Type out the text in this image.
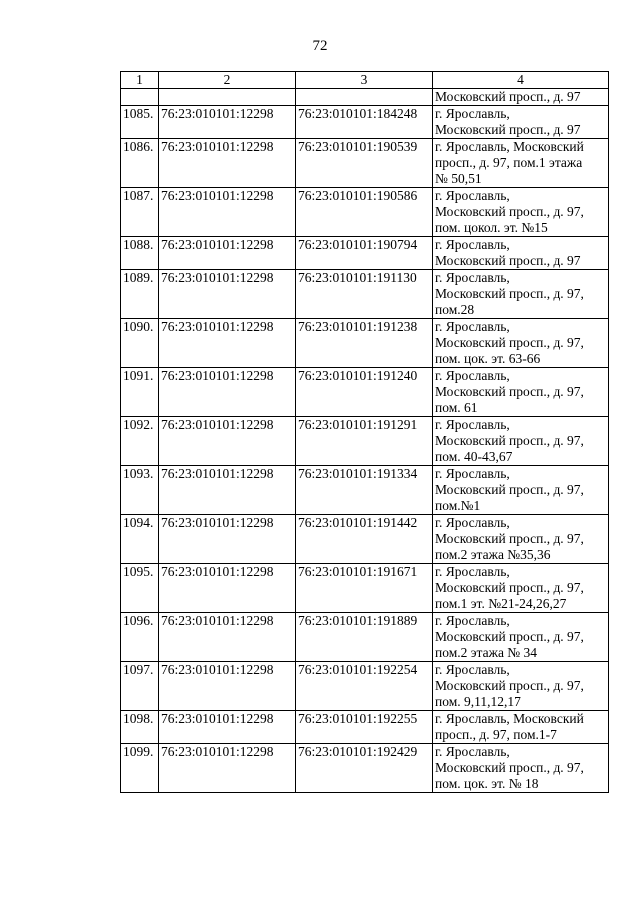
72
1	2	3	4

			Московский просп., д. 97

1085.	76:23:010101:12298	76:23:010101:184248	г. Ярославль,
Московский просп., д. 97

1086.	76:23:010101:12298	76:23:010101:190539	г. Ярославль, Московский
просп., д. 97, пом.1 этажа
№ 50,51

1087.	76:23:010101:12298	76:23:010101:190586	г. Ярославль,
Московский просп., д. 97,
пом. цокол. эт. №15

1088.	76:23:010101:12298	76:23:010101:190794	г. Ярославль,
Московский просп., д. 97

1089.	76:23:010101:12298	76:23:010101:191130	г. Ярославль,
Московский просп., д. 97,
пом.28

1090.	76:23:010101:12298	76:23:010101:191238	г. Ярославль,
Московский просп., д. 97,
пом. цок. эт. 63-66

1091.	76:23:010101:12298	76:23:010101:191240	г. Ярославль,
Московский просп., д. 97,
пом. 61

1092.	76:23:010101:12298	76:23:010101:191291	г. Ярославль,
Московский просп., д. 97,
пом. 40-43,67

1093.	76:23:010101:12298	76:23:010101:191334	г. Ярославль,
Московский просп., д. 97,
пом.№1

1094.	76:23:010101:12298	76:23:010101:191442	г. Ярославль,
Московский просп., д. 97,
пом.2 этажа №35,36

1095.	76:23:010101:12298	76:23:010101:191671	г. Ярославль,
Московский просп., д. 97,
пом.1 эт. №21-24,26,27

1096.	76:23:010101:12298	76:23:010101:191889	г. Ярославль,
Московский просп., д. 97,
пом.2 этажа № 34

1097.	76:23:010101:12298	76:23:010101:192254	г. Ярославль,
Московский просп., д. 97,
пом. 9,11,12,17

1098.	76:23:010101:12298	76:23:010101:192255	г. Ярославль, Московский
просп., д. 97, пом.1-7

1099.	76:23:010101:12298	76:23:010101:192429	г. Ярославль,
Московский просп., д. 97,
пом. цок. эт. № 18
